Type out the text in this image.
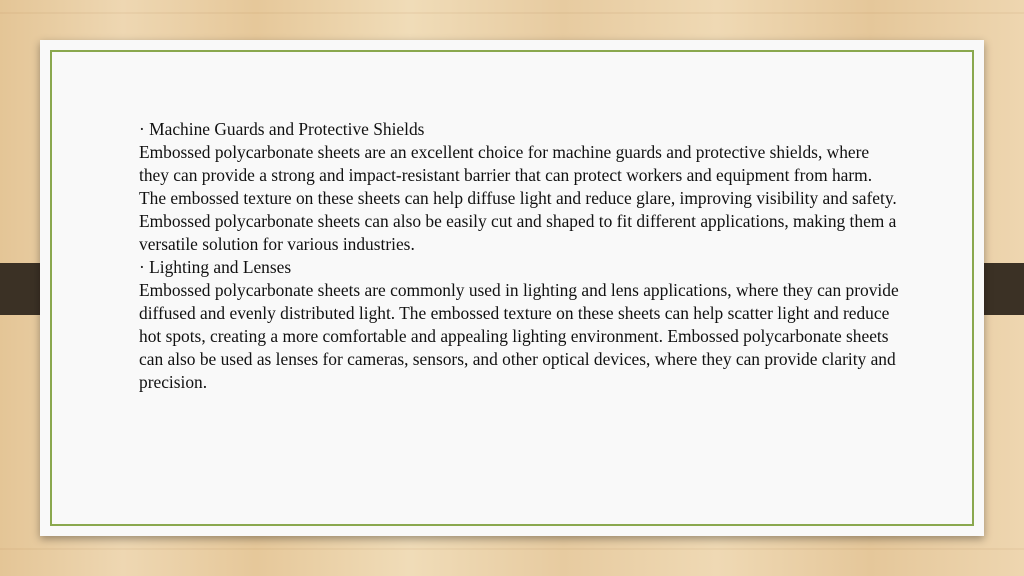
· Machine Guards and Protective Shields

Embossed polycarbonate sheets are an excellent choice for machine guards and protective shields, where they can provide a strong and impact-resistant barrier that can protect workers and equipment from harm. The embossed texture on these sheets can help diffuse light and reduce glare, improving visibility and safety. Embossed polycarbonate sheets can also be easily cut and shaped to fit different applications, making them a versatile solution for various industries.

· Lighting and Lenses

Embossed polycarbonate sheets are commonly used in lighting and lens applications, where they can provide diffused and evenly distributed light. The embossed texture on these sheets can help scatter light and reduce hot spots, creating a more comfortable and appealing lighting environment. Embossed polycarbonate sheets can also be used as lenses for cameras, sensors, and other optical devices, where they can provide clarity and precision.
